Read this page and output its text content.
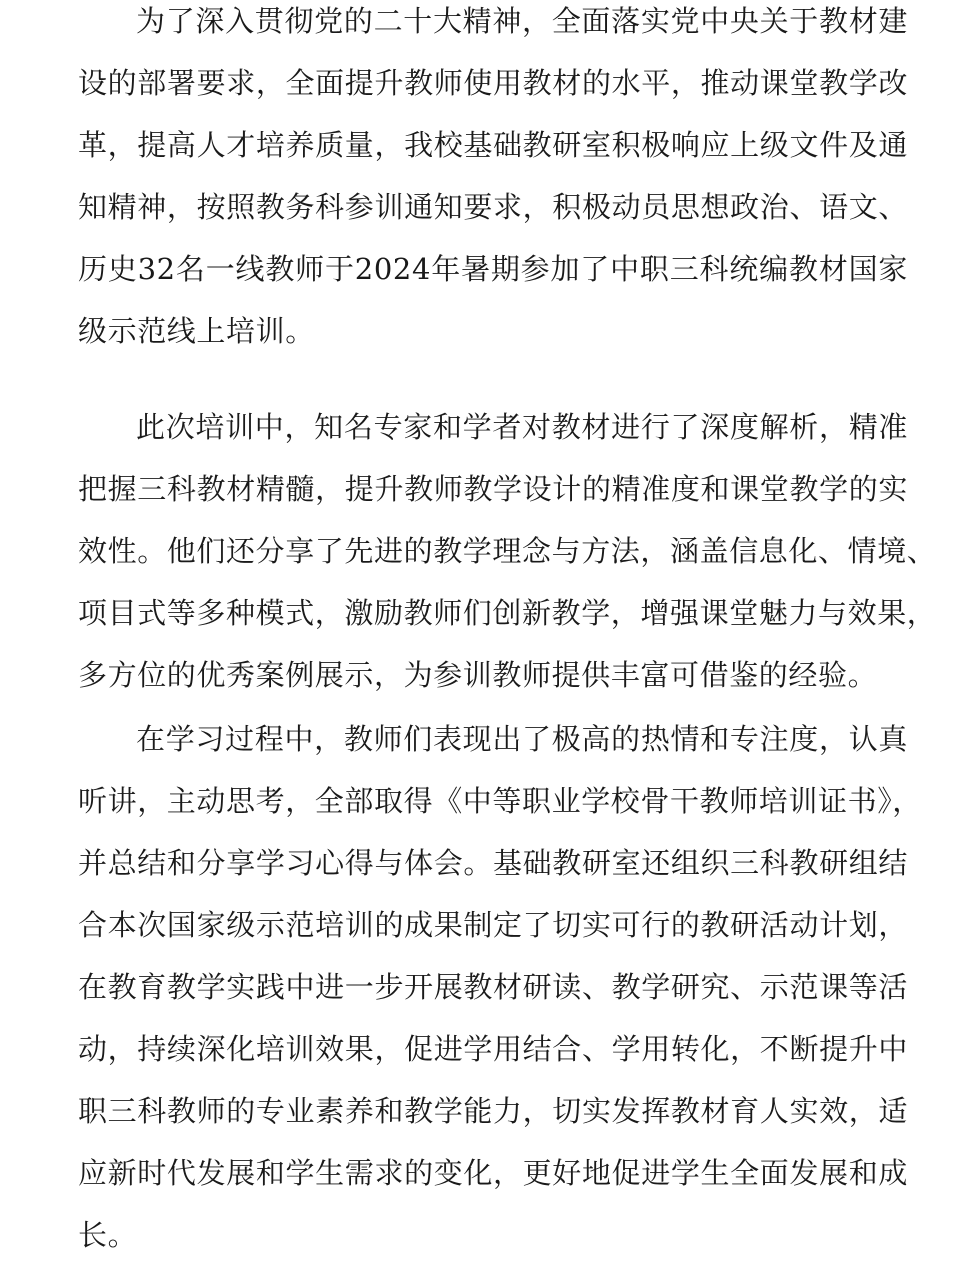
为了深入贯彻党的二十大精神，全面落实党中央关于教材建
设的部署要求，全面提升教师使用教材的水平，推动课堂教学改
革，提高人才培养质量，我校基础教研室积极响应上级文件及通
知精神，按照教务科参训通知要求，积极动员思想政治、语文、
历史32名一线教师于2024年暑期参加了中职三科统编教材国家
级示范线上培训。
此次培训中，知名专家和学者对教材进行了深度解析，精准
把握三科教材精髓，提升教师教学设计的精准度和课堂教学的实
效性。他们还分享了先进的教学理念与方法，涵盖信息化、情境、
项目式等多种模式，激励教师们创新教学，增强课堂魅力与效果，
多方位的优秀案例展示，为参训教师提供丰富可借鉴的经验。
在学习过程中，教师们表现出了极高的热情和专注度，认真
听讲，主动思考，全部取得《中等职业学校骨干教师培训证书》，
并总结和分享学习心得与体会。基础教研室还组织三科教研组结
合本次国家级示范培训的成果制定了切实可行的教研活动计划，
在教育教学实践中进一步开展教材研读、教学研究、示范课等活
动，持续深化培训效果，促进学用结合、学用转化，不断提升中
职三科教师的专业素养和教学能力，切实发挥教材育人实效，适
应新时代发展和学生需求的变化，更好地促进学生全面发展和成
长。
